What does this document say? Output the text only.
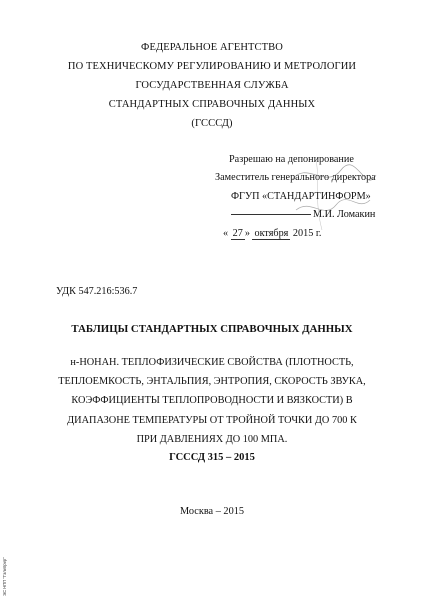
ФЕДЕРАЛЬНОЕ АГЕНТСТВО
ПО ТЕХНИЧЕСКОМУ РЕГУЛИРОВАНИЮ И МЕТРОЛОГИИ
ГОСУДАРСТВЕННАЯ СЛУЖБА
СТАНДАРТНЫХ СПРАВОЧНЫХ ДАННЫХ
(ГСССД)
Разрешаю на депонирование
Заместитель генерального директора
ФГУП «СТАНДАРТИНФОРМ»
М.И. Ломакин
« 27 » октября 2015 г.
УДК 547.216:536.7
ТАБЛИЦЫ СТАНДАРТНЫХ СПРАВОЧНЫХ ДАННЫХ
н-НОНАН. ТЕПЛОФИЗИЧЕСКИЕ СВОЙСТВА (ПЛОТНОСТЬ,
ТЕПЛОЕМКОСТЬ, ЭНТАЛЬПИЯ, ЭНТРОПИЯ, СКОРОСТЬ ЗВУКА,
КОЭФФИЦИЕНТЫ ТЕПЛОПРОВОДНОСТИ И ВЯЗКОСТИ) В
ДИАПАЗОНЕ ТЕМПЕРАТУРЫ ОТ ТРОЙНОЙ ТОЧКИ ДО 700 К
ПРИ ДАВЛЕНИЯХ ДО 100 МПА.
ГСССД 315 – 2015
Москва – 2015
ЭС НПП "Гэлиприр"
